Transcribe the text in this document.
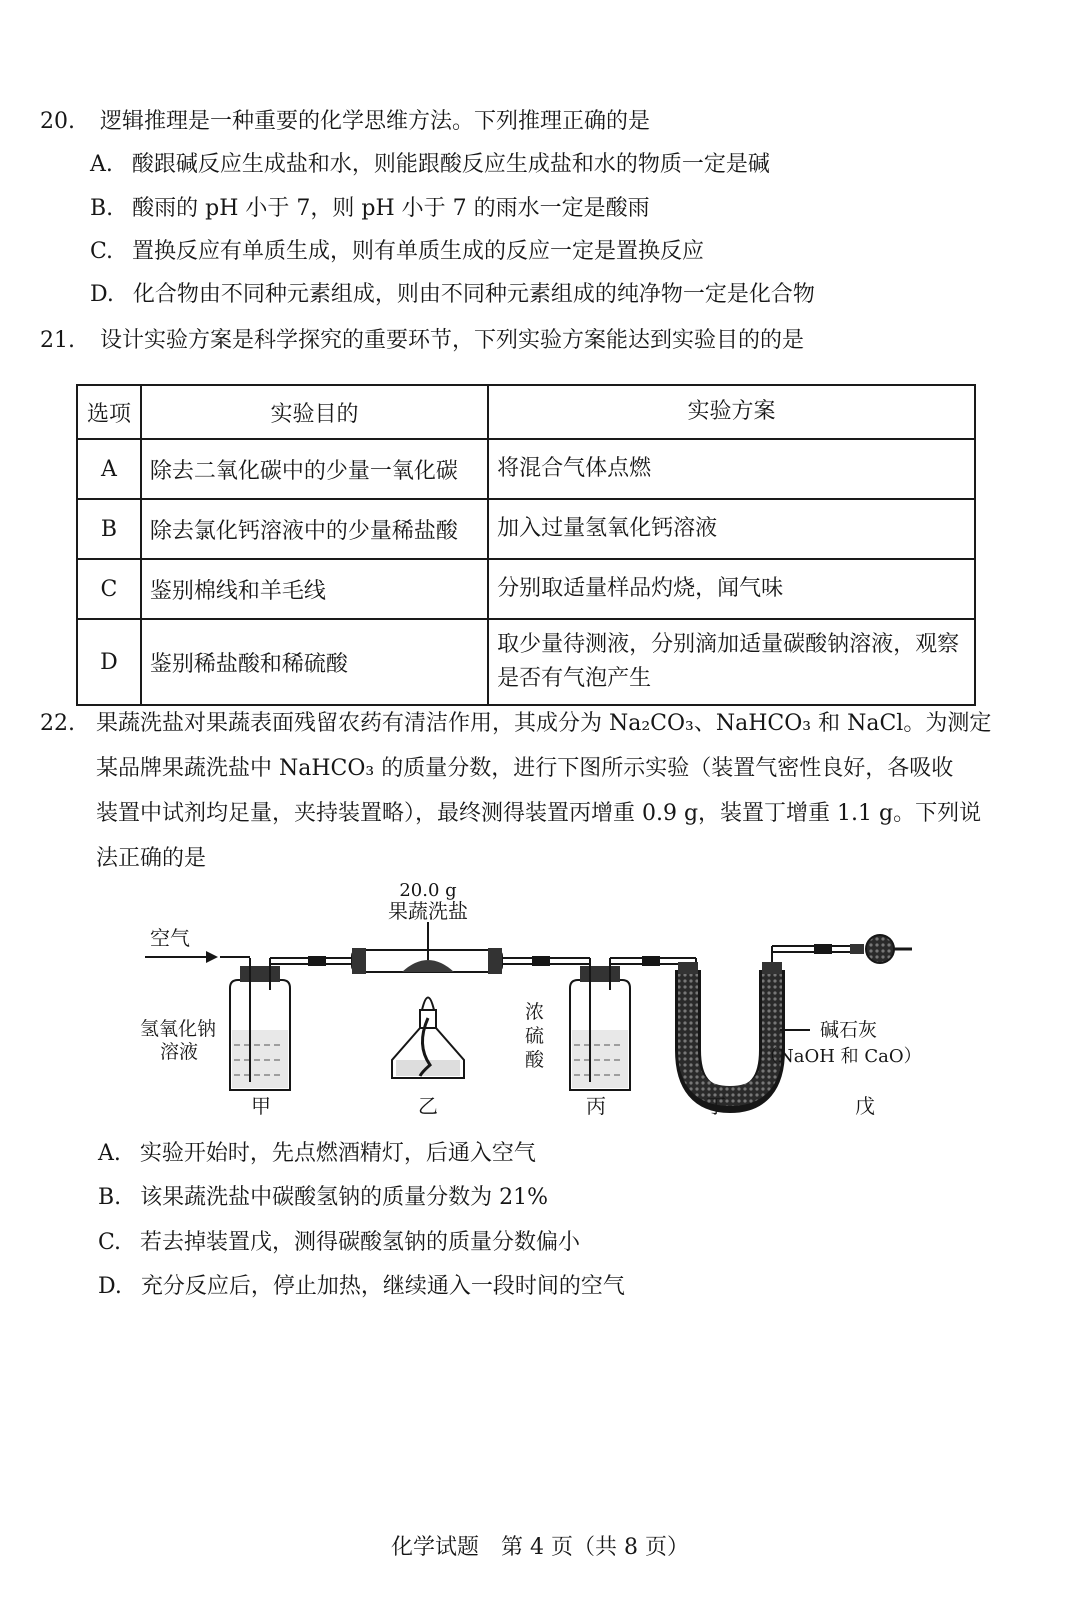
20. 逻辑推理是一种重要的化学思维方法。下列推理正确的是
A. 酸跟碱反应生成盐和水，则能跟酸反应生成盐和水的物质一定是碱
B. 酸雨的 pH 小于 7，则 pH 小于 7 的雨水一定是酸雨
C. 置换反应有单质生成，则有单质生成的反应一定是置换反应
D. 化合物由不同种元素组成，则由不同种元素组成的纯净物一定是化合物
21. 设计实验方案是科学探究的重要环节，下列实验方案能达到实验目的的是
选项	实验目的	实验方案
A	除去二氧化碳中的少量一氧化碳	将混合气体点燃
B	除去氯化钙溶液中的少量稀盐酸	加入过量氢氧化钙溶液
C	鉴别棉线和羊毛线	分别取适量样品灼烧，闻气味
D	鉴别稀盐酸和稀硫酸	取少量待测液，分别滴加适量碳酸钠溶液，观察是否有气泡产生
22. 果蔬洗盐对果蔬表面残留农药有清洁作用，其成分为 Na₂CO₃、NaHCO₃ 和 NaCl。为测定
某品牌果蔬洗盐中 NaHCO₃ 的质量分数，进行下图所示实验（装置气密性良好，各吸收
装置中试剂均足量，夹持装置略），最终测得装置丙增重 0.9 g，装置丁增重 1.1 g。下列说
法正确的是
20.0 g
果蔬洗盐
空气
氢氧化钠
溶液
浓
硫
酸
碱石灰
（NaOH 和 CaO）
甲	乙	丙	丁	戊
A. 实验开始时，先点燃酒精灯，后通入空气
B. 该果蔬洗盐中碳酸氢钠的质量分数为 21%
C. 若去掉装置戊，测得碳酸氢钠的质量分数偏小
D. 充分反应后，停止加热，继续通入一段时间的空气
化学试题　第 4 页（共 8 页）
